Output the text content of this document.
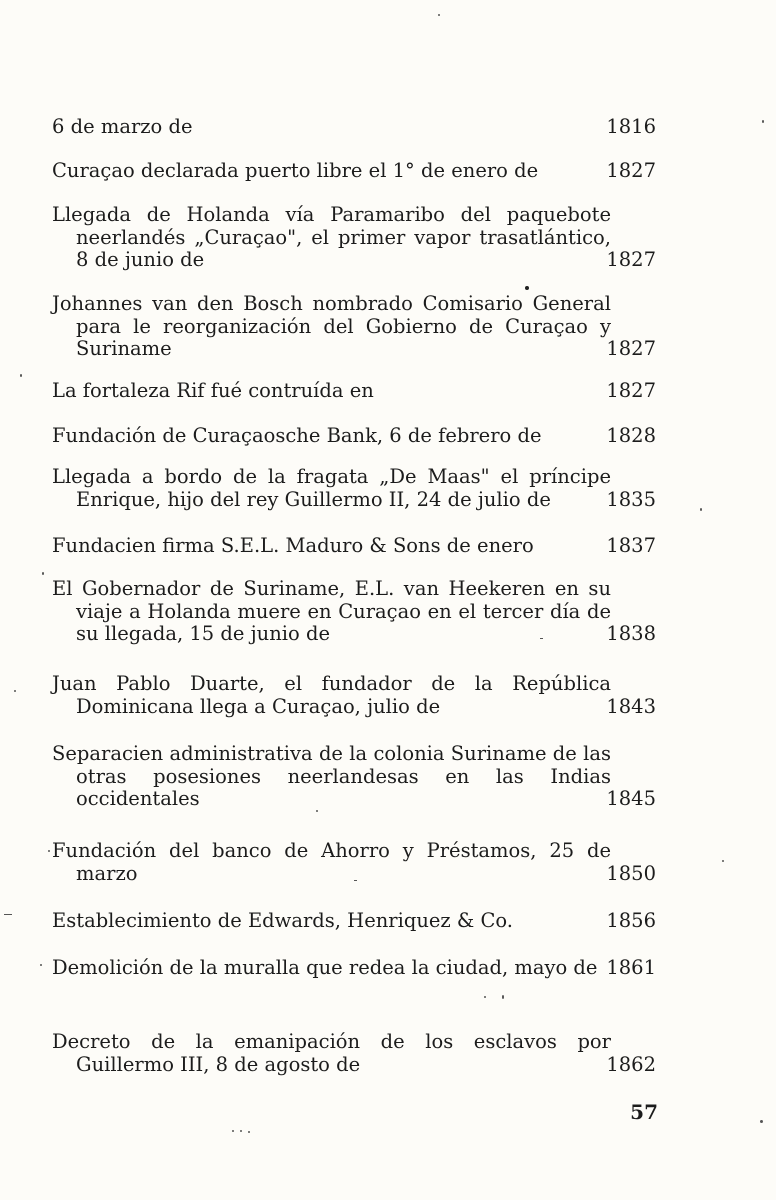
6 de marzo de	1816
Curaçao declarada puerto libre el 1° de enero de	1827
Llegada de Holanda vía Paramaribo del paquebote neerlandés „Curaçao", el primer vapor trasatlántico, 8 de junio de	1827
Johannes van den Bosch nombrado Comisario General para le reorganización del Gobierno de Curaçao y Suriname	1827
La fortaleza Rif fué contruída en	1827
Fundación de Curaçaosche Bank, 6 de febrero de	1828
Llegada a bordo de la fragata „De Maas" el príncipe Enrique, hijo del rey Guillermo II, 24 de julio de	1835
Fundacien firma S.E.L. Maduro & Sons de enero	1837
El Gobernador de Suriname, E.L. van Heekeren en su viaje a Holanda muere en Curaçao en el tercer día de su llegada, 15 de junio de	1838
Juan Pablo Duarte, el fundador de la República Dominicana llega a Curaçao, julio de	1843
Separacien administrativa de la colonia Suriname de las otras posesiones neerlandesas en las Indias occidentales	1845
Fundación del banco de Ahorro y Préstamos, 25 de marzo	1850
Establecimiento de Edwards, Henriquez & Co.	1856
Demolición de la muralla que redea la ciudad, mayo de 1861
Decreto de la emanipación de los esclavos por Guillermo III, 8 de agosto de	1862
57
